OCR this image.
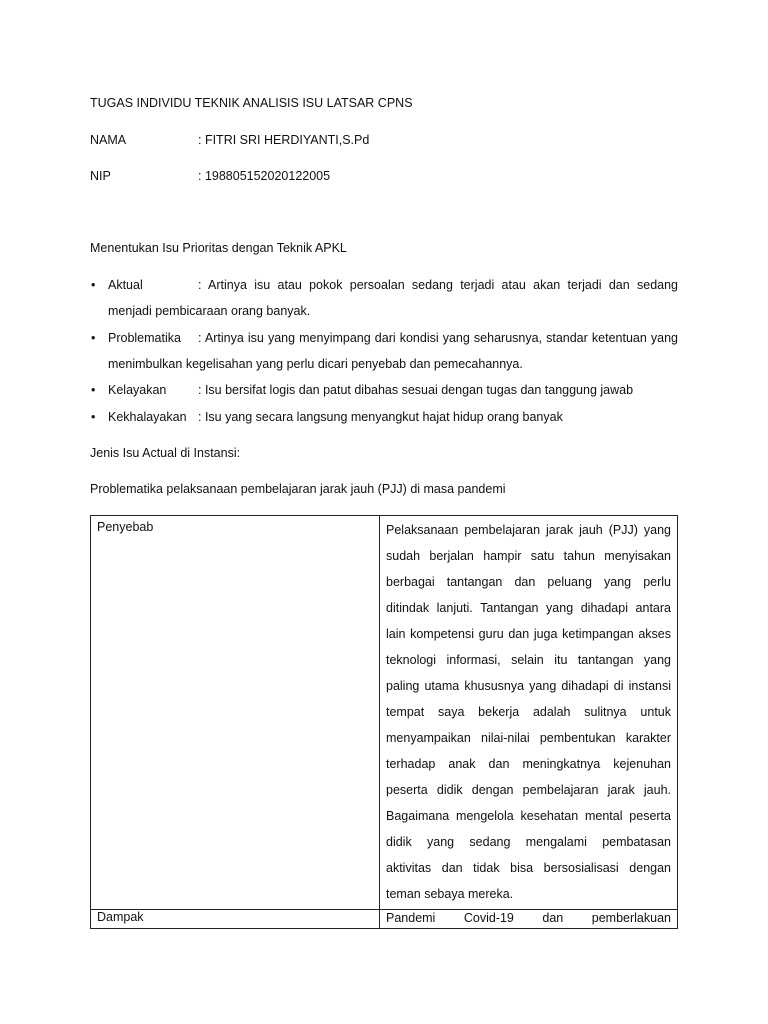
TUGAS INDIVIDU TEKNIK ANALISIS ISU LATSAR CPNS
NAMA	: FITRI SRI HERDIYANTI,S.Pd
NIP	: 198805152020122005
Menentukan Isu Prioritas dengan Teknik APKL
• Aktual	: Artinya isu atau pokok persoalan sedang terjadi atau akan terjadi dan sedang menjadi pembicaraan orang banyak.
• Problematika	: Artinya isu yang menyimpang dari kondisi yang seharusnya, standar ketentuan yang menimbulkan kegelisahan yang perlu dicari penyebab dan pemecahannya.
• Kelayakan	: Isu bersifat logis dan patut dibahas sesuai dengan tugas dan tanggung jawab
• Kekhalayakan : Isu yang secara langsung menyangkut hajat hidup orang banyak
Jenis Isu Actual di Instansi:
Problematika pelaksanaan pembelajaran jarak jauh (PJJ) di masa pandemi
Penyebab	Pelaksanaan pembelajaran jarak jauh (PJJ) yang sudah berjalan hampir satu tahun menyisakan berbagai tantangan dan peluang yang perlu ditindak lanjuti. Tantangan yang dihadapi antara lain kompetensi guru dan juga ketimpangan akses teknologi informasi, selain itu tantangan yang paling utama khususnya yang dihadapi di instansi tempat saya bekerja adalah sulitnya untuk menyampaikan nilai-nilai pembentukan karakter terhadap anak dan meningkatnya kejenuhan peserta didik dengan pembelajaran jarak jauh. Bagaimana mengelola kesehatan mental peserta didik yang sedang mengalami pembatasan aktivitas dan tidak bisa bersosialisasi dengan teman sebaya mereka.
Dampak	Pandemi Covid-19 dan pemberlakuan
